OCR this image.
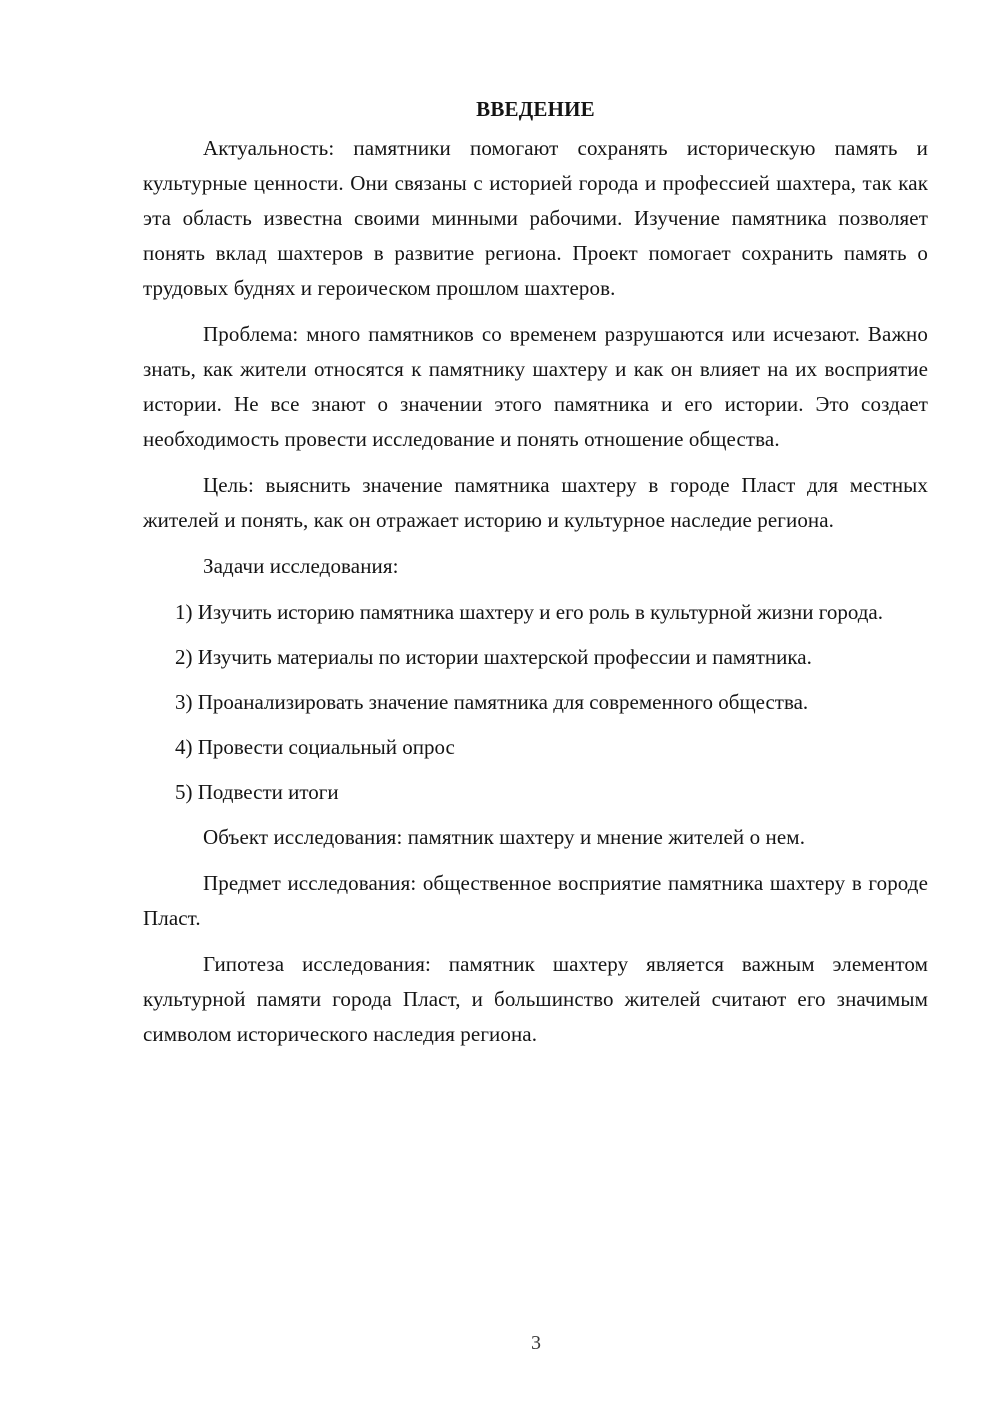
ВВЕДЕНИЕ

Актуальность: памятники помогают сохранять историческую память и культурные ценности. Они связаны с историей города и профессией шахтера, так как эта область известна своими минными рабочими. Изучение памятника позволяет понять вклад шахтеров в развитие региона. Проект помогает сохранить память о трудовых буднях и героическом прошлом шахтеров.

Проблема: много памятников со временем разрушаются или исчезают. Важно знать, как жители относятся к памятнику шахтеру и как он влияет на их восприятие истории. Не все знают о значении этого памятника и его истории. Это создает необходимость провести исследование и понять отношение общества.

Цель: выяснить значение памятника шахтеру в городе Пласт для местных жителей и понять, как он отражает историю и культурное наследие региона.

Задачи исследования:

1) Изучить историю памятника шахтеру и его роль в культурной жизни города.

2) Изучить материалы по истории шахтерской профессии и памятника.

3) Проанализировать значение памятника для современного общества.

4) Провести социальный опрос

5) Подвести итоги

Объект исследования: памятник шахтеру и мнение жителей о нем.

Предмет исследования: общественное восприятие памятника шахтеру в городе Пласт.

Гипотеза исследования: памятник шахтеру является важным элементом культурной памяти города Пласт, и большинство жителей считают его значимым символом исторического наследия региона.

3
